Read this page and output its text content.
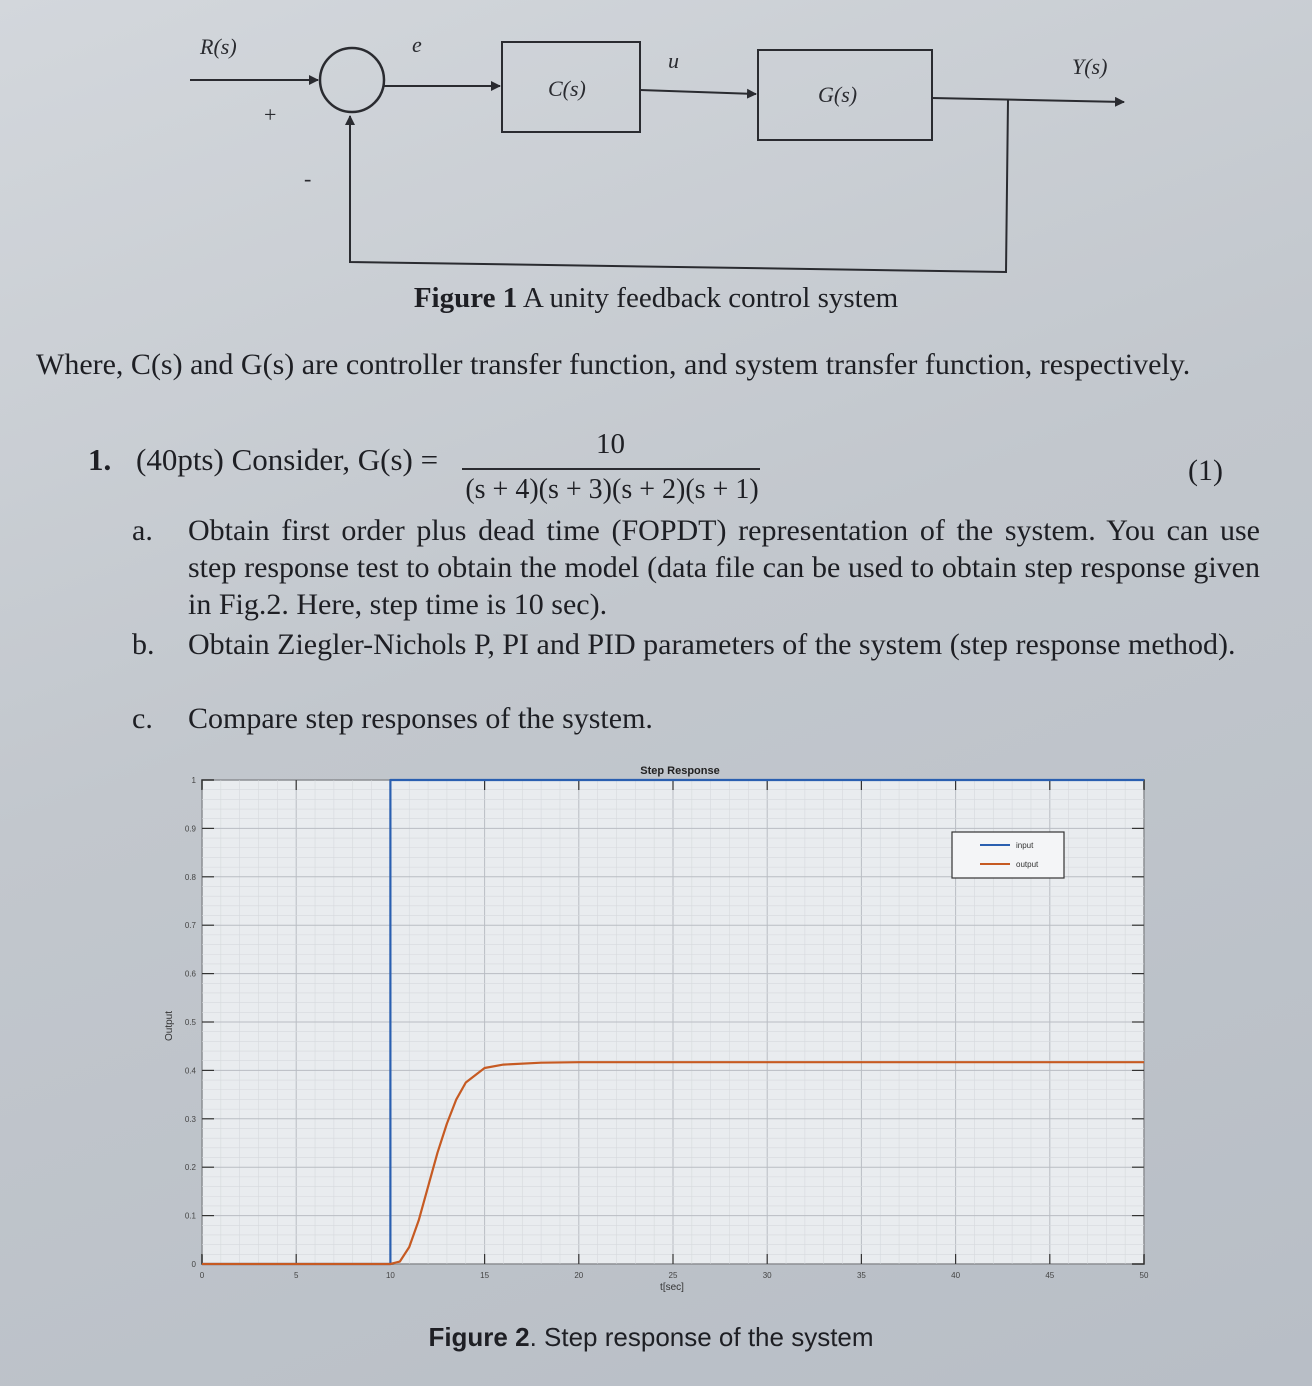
R(s)	e
C(s)
u
G(s)
Y(s)
+
-
Figure 1 A unity feedback control system
Where, C(s) and G(s) are controller transfer function, and system transfer function, respectively.
1. (40pts) Consider, G(s) =	10
(s + 4)(s + 3)(s + 2)(s + 1)
(1)
a. Obtain first order plus dead time (FOPDT) representation of the system. You can use step response test to obtain the model (data file can be used to obtain step response given in Fig.2. Here, step time is 10 sec).
b. Obtain Ziegler-Nichols P, PI and PID parameters of the system (step response method).
c. Compare step responses of the system.
0	5	10	15	20	25	30	35	40	45	50
0
0.1
0.2
0.3
0.4
0.5
0.6
0.7
0.8
0.9
1
Step Response
t[sec]
Output
input
output
Figure 2. Step response of the system
